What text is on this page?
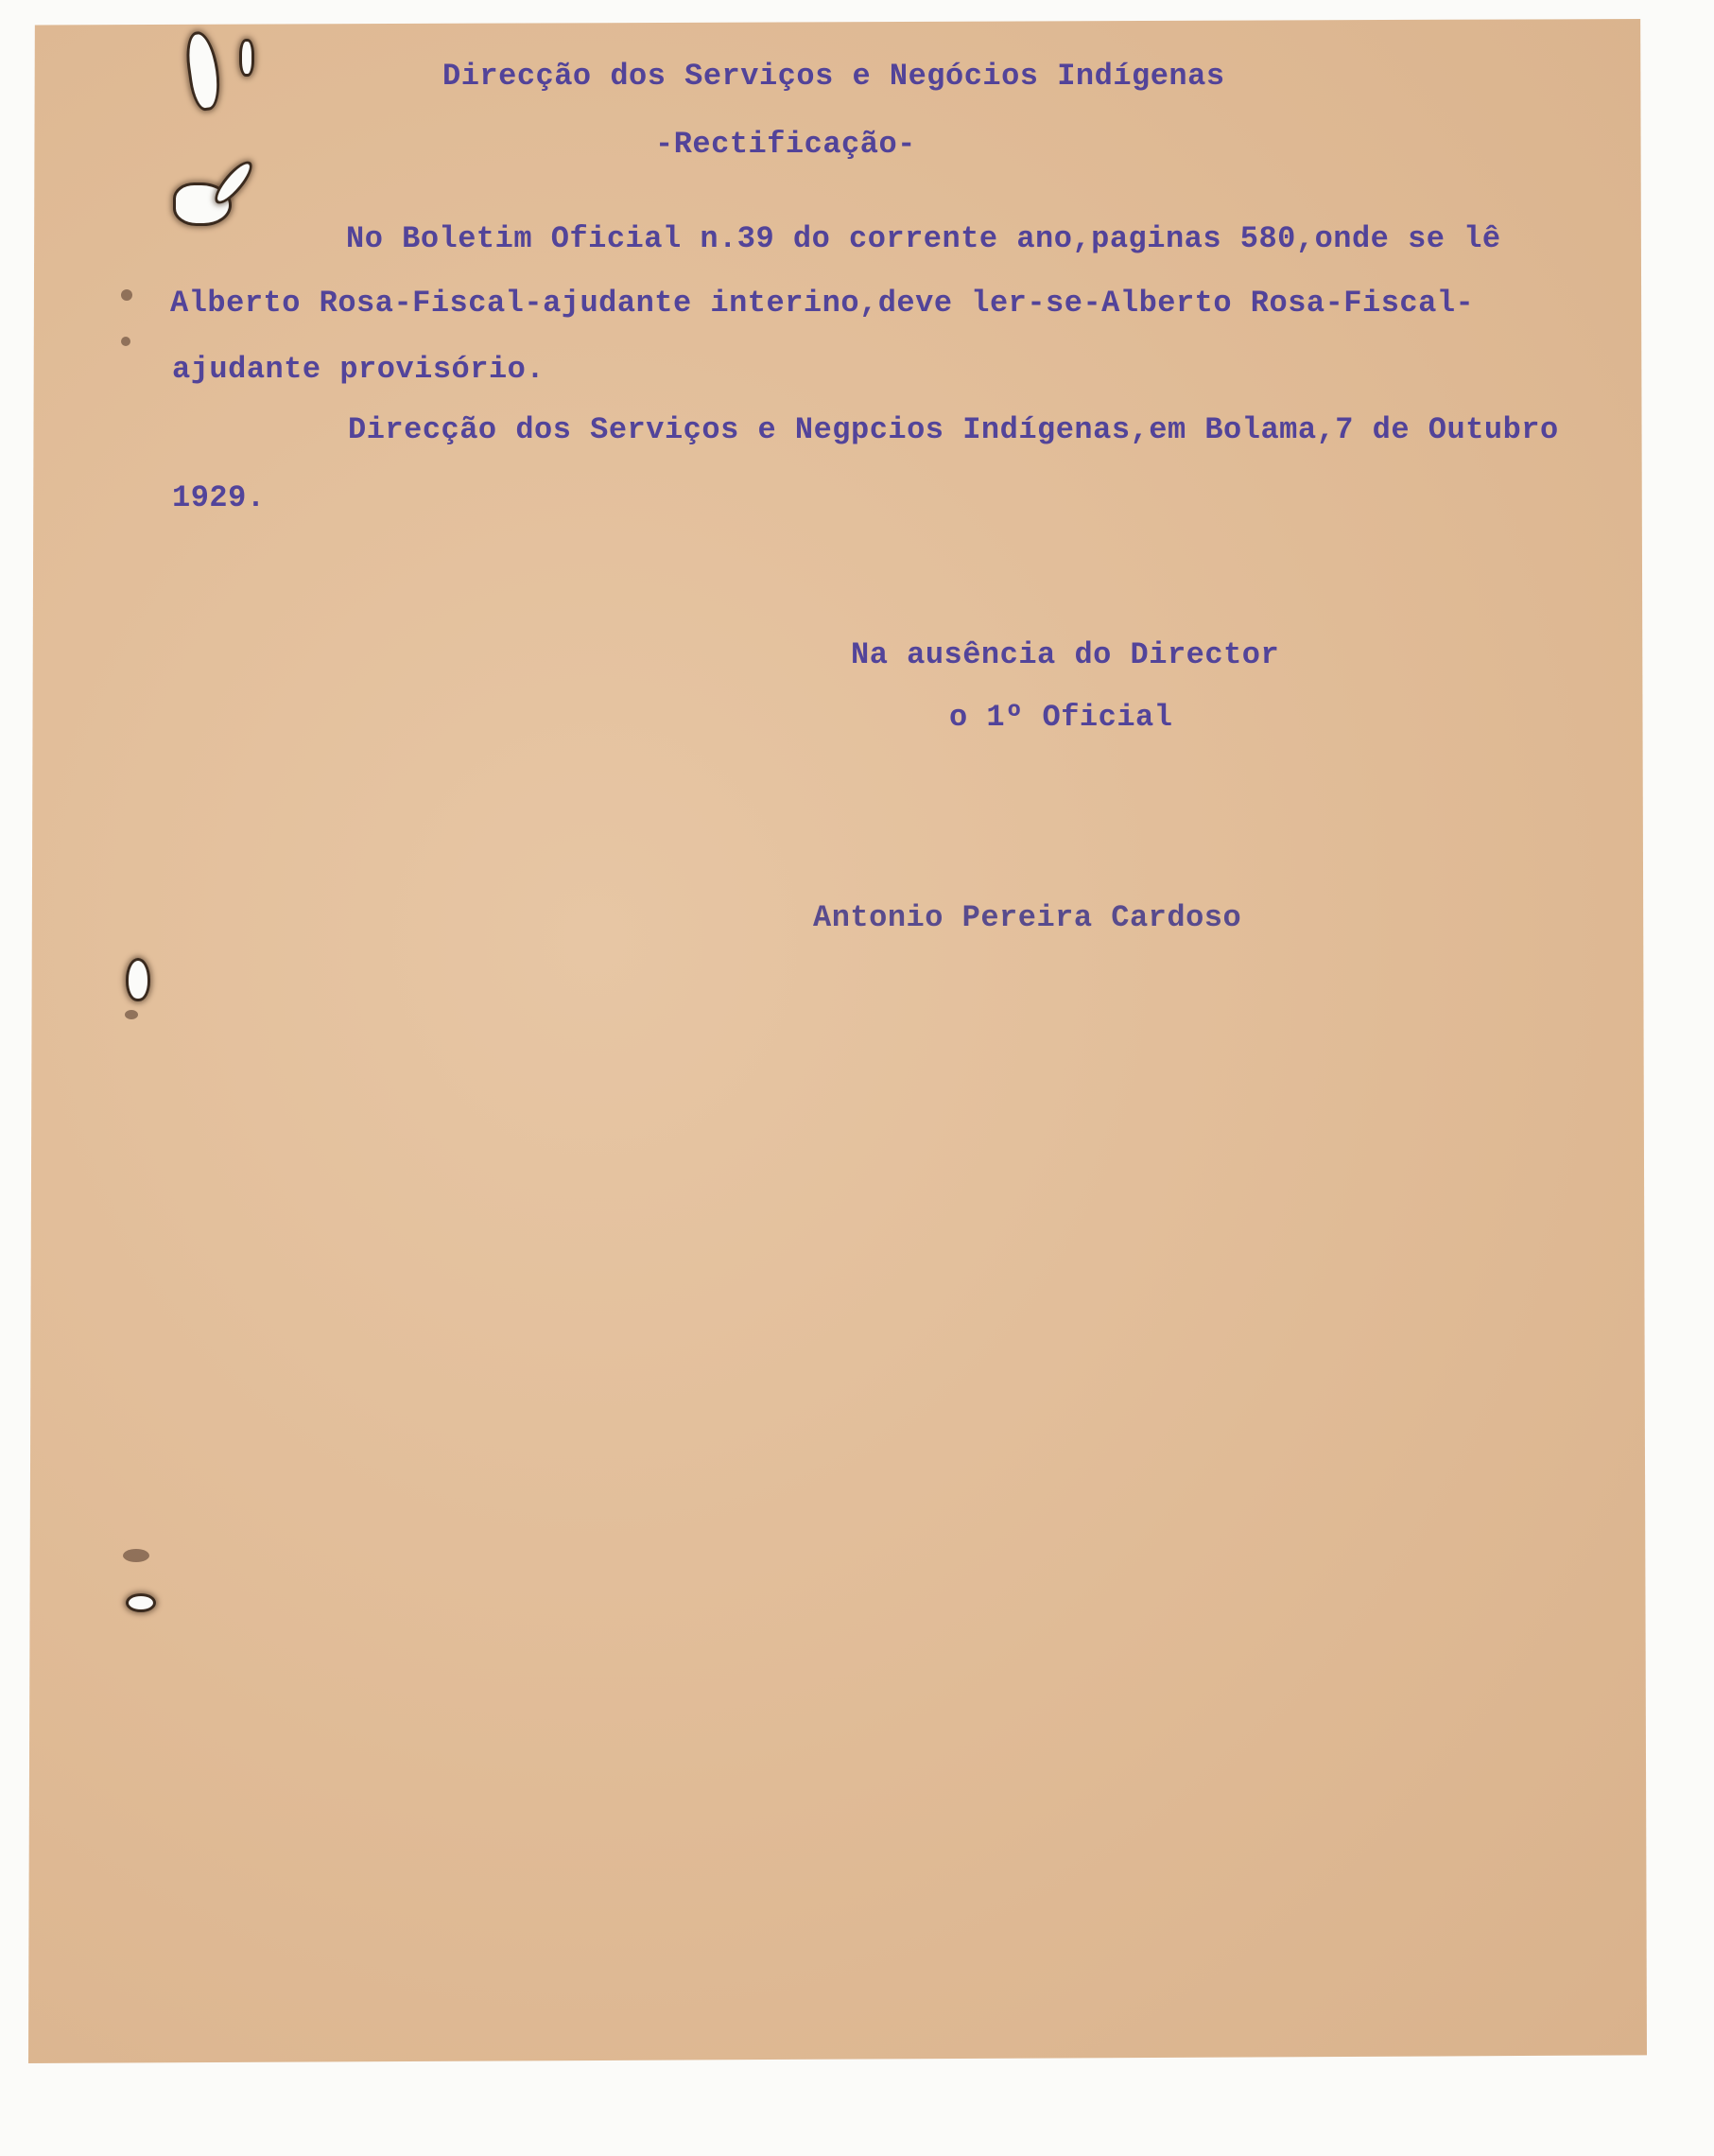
Direcção dos Serviços e Negócios Indígenas
-Rectificação-
No Boletim Oficial n.39 do corrente ano,paginas 580,onde se lê
Alberto Rosa-Fiscal-ajudante interino,deve ler-se-Alberto Rosa-Fiscal-
ajudante provisório.
Direcção dos Serviços e Negpcios Indígenas,em Bolama,7 de Outubro
1929.
Na ausência do Director
o 1º Oficial
Antonio Pereira Cardoso
